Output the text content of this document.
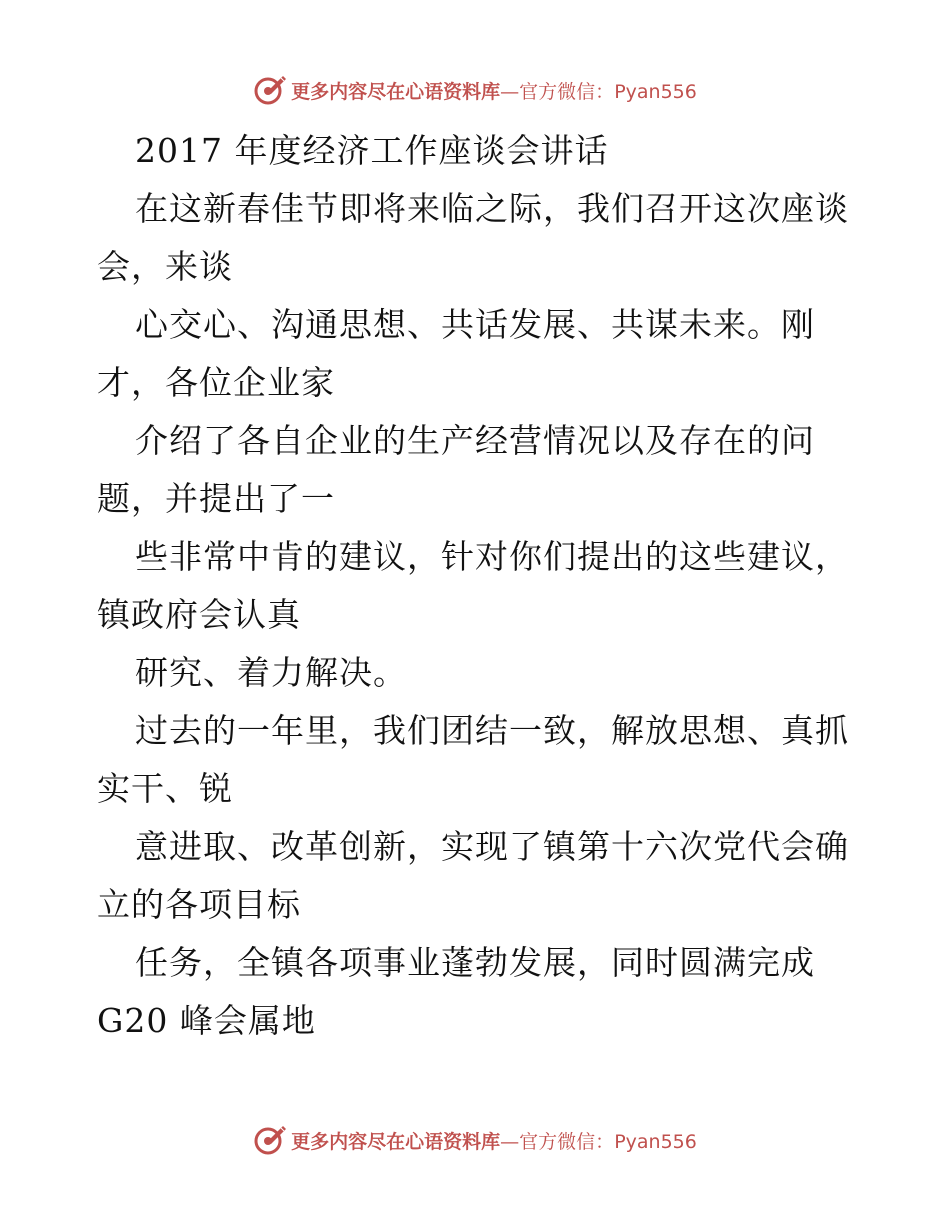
更多内容尽在心语资料库—官方微信：Pyan556
2017 年度经济工作座谈会讲话
在这新春佳节即将来临之际，我们召开这次座谈
会，来谈
心交心、沟通思想、共话发展、共谋未来。刚
才，各位企业家
介绍了各自企业的生产经营情况以及存在的问
题，并提出了一
些非常中肯的建议，针对你们提出的这些建议，
镇政府会认真
研究、着力解决。
过去的一年里，我们团结一致，解放思想、真抓
实干、锐
意进取、改革创新，实现了镇第十六次党代会确
立的各项目标
任务，全镇各项事业蓬勃发展，同时圆满完成
G20 峰会属地
更多内容尽在心语资料库—官方微信：Pyan556
